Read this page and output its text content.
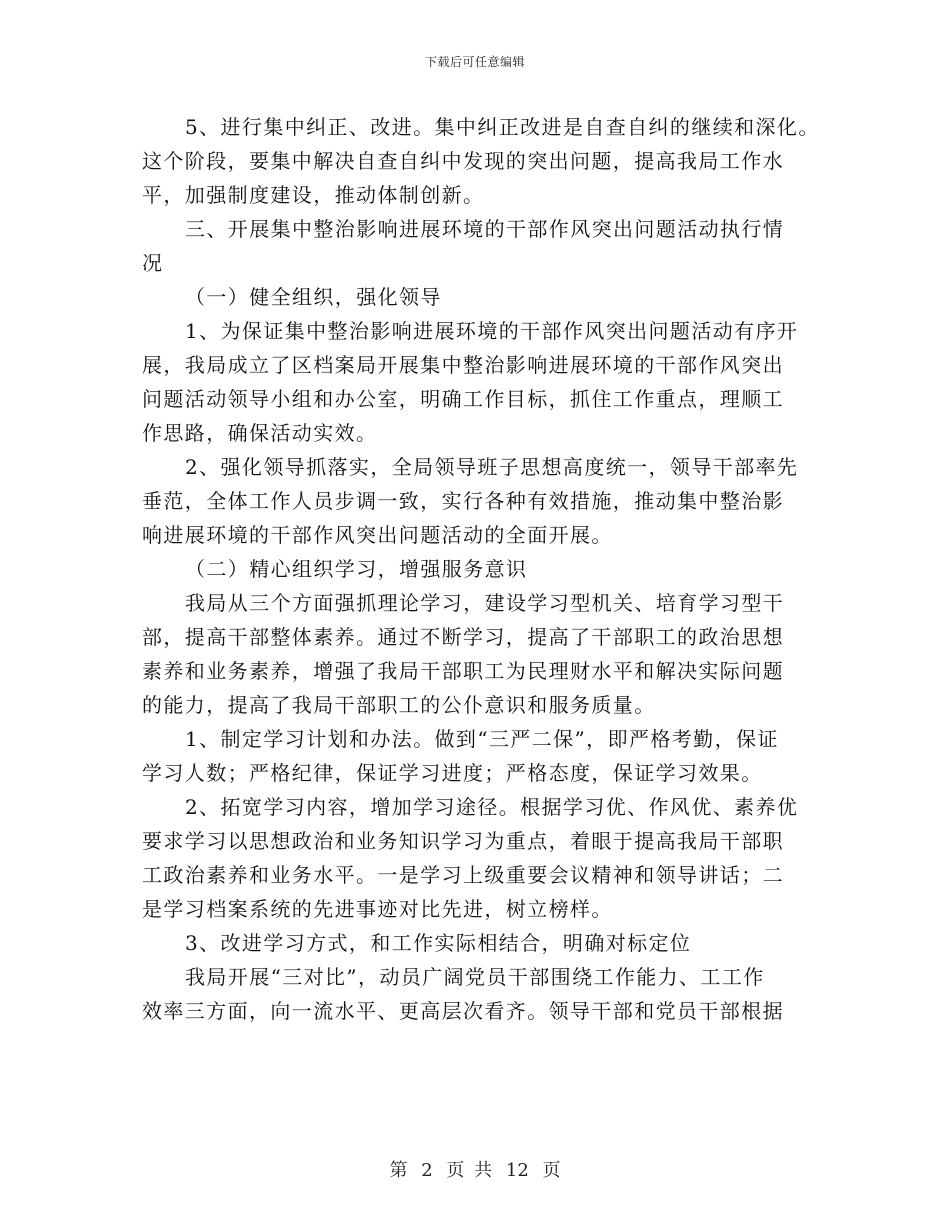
下载后可任意编辑
5、进行集中纠正、改进。集中纠正改进是自查自纠的继续和深化。
这个阶段，要集中解决自查自纠中发现的突出问题，提高我局工作水
平，加强制度建设，推动体制创新。
三、开展集中整治影响进展环境的干部作风突出问题活动执行情
况
（一）健全组织，强化领导
1、为保证集中整治影响进展环境的干部作风突出问题活动有序开
展，我局成立了区档案局开展集中整治影响进展环境的干部作风突出
问题活动领导小组和办公室，明确工作目标，抓住工作重点，理顺工
作思路，确保活动实效。
2、强化领导抓落实，全局领导班子思想高度统一，领导干部率先
垂范，全体工作人员步调一致，实行各种有效措施，推动集中整治影
响进展环境的干部作风突出问题活动的全面开展。
（二）精心组织学习，增强服务意识
我局从三个方面强抓理论学习，建设学习型机关、培育学习型干
部，提高干部整体素养。通过不断学习，提高了干部职工的政治思想
素养和业务素养，增强了我局干部职工为民理财水平和解决实际问题
的能力，提高了我局干部职工的公仆意识和服务质量。
1、制定学习计划和办法。做到“三严二保”，即严格考勤，保证
学习人数；严格纪律，保证学习进度；严格态度，保证学习效果。
2、拓宽学习内容，增加学习途径。根据学习优、作风优、素养优
要求学习以思想政治和业务知识学习为重点，着眼于提高我局干部职
工政治素养和业务水平。一是学习上级重要会议精神和领导讲话；二
是学习档案系统的先进事迹对比先进，树立榜样。
3、改进学习方式，和工作实际相结合，明确对标定位
我局开展“三对比”，动员广阔党员干部围绕工作能力、工工作
效率三方面，向一流水平、更高层次看齐。领导干部和党员干部根据
第 2 页 共 12 页
